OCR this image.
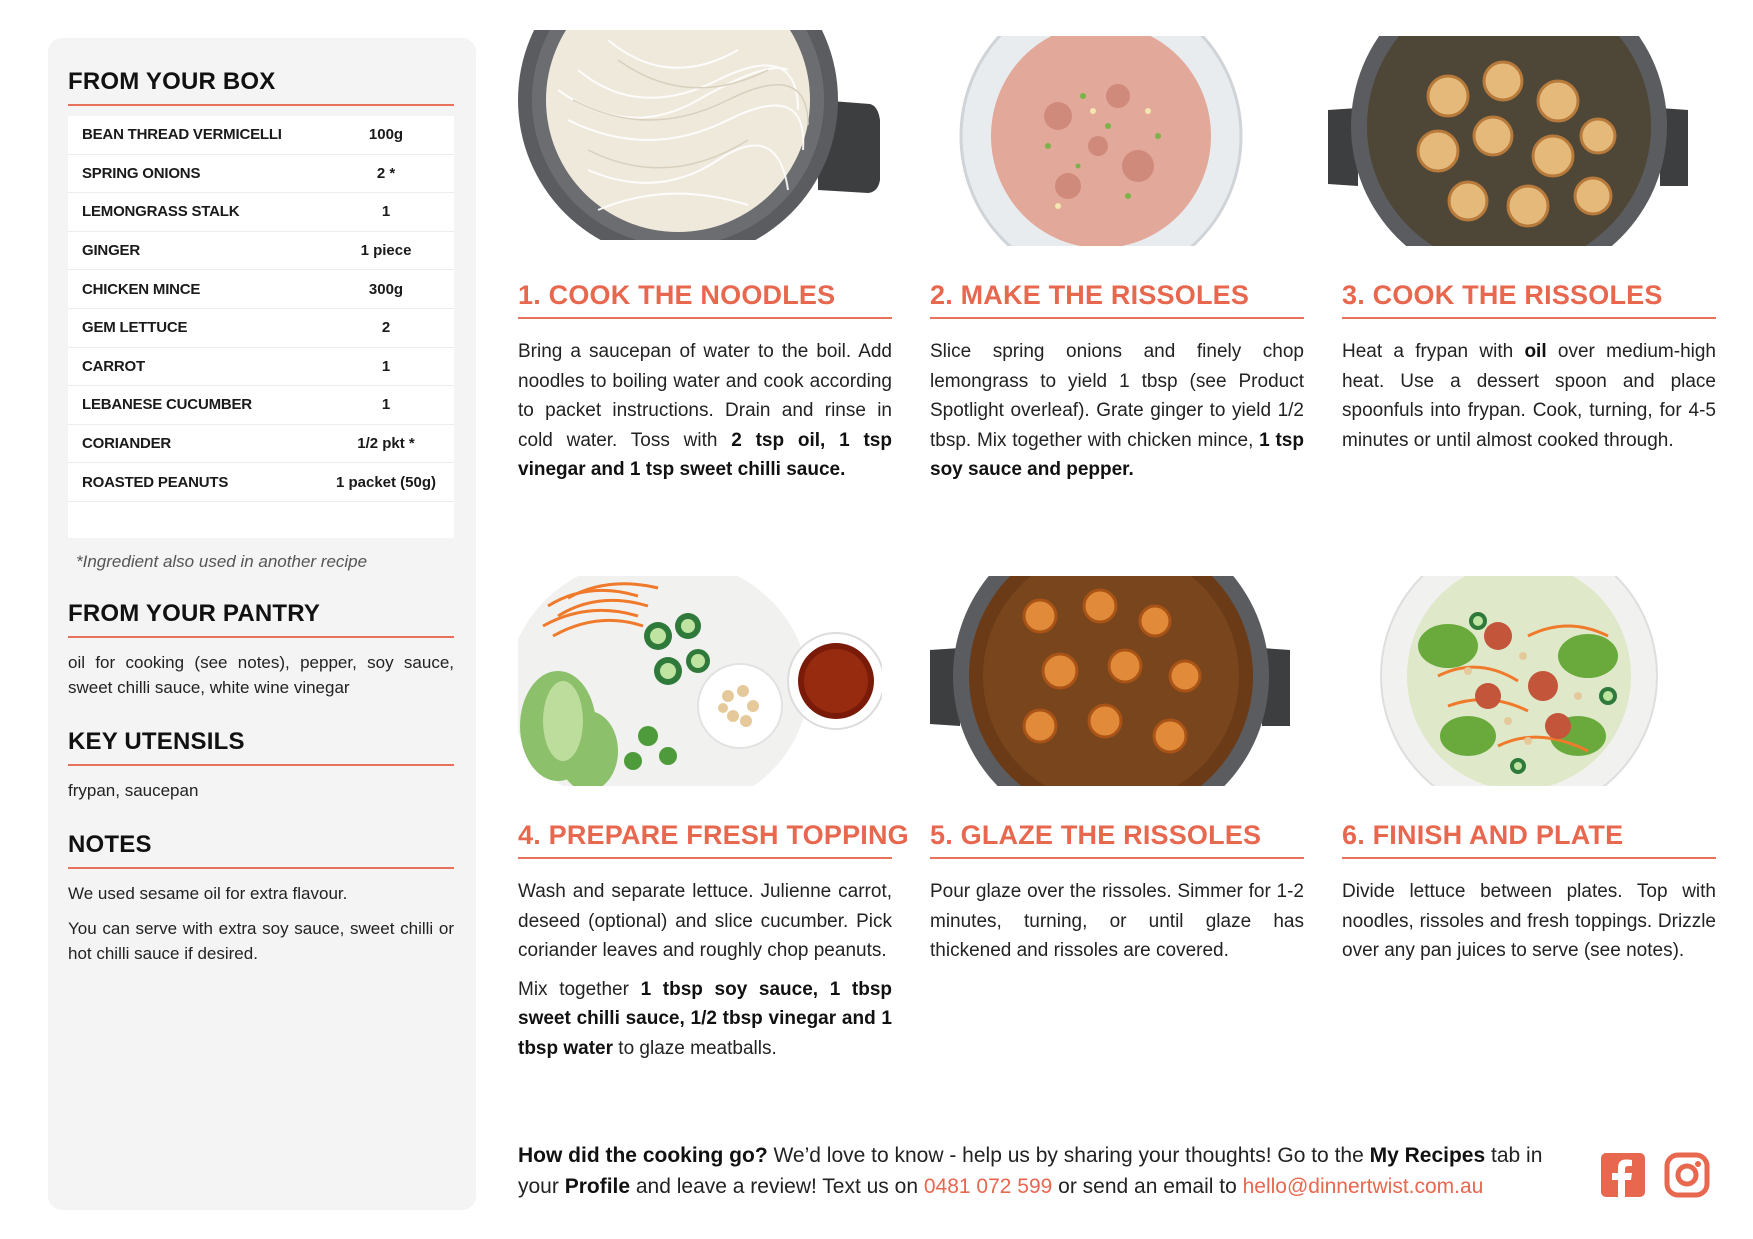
FROM YOUR BOX
BEAN THREAD VERMICELLI	100g
SPRING ONIONS	2 *
LEMONGRASS STALK	1
GINGER	1 piece
CHICKEN MINCE	300g
GEM LETTUCE	2
CARROT	1
LEBANESE CUCUMBER	1
CORIANDER	1/2 pkt *
ROASTED PEANUTS	1 packet (50g)

*Ingredient also used in another recipe

FROM YOUR PANTRY

oil for cooking (see notes), pepper, soy sauce, sweet chilli sauce, white wine vinegar

KEY UTENSILS

frypan, saucepan

NOTES

We used sesame oil for extra flavour.

You can serve with extra soy sauce, sweet chilli or hot chilli sauce if desired.

1. COOK THE NOODLES

Bring a saucepan of water to the boil. Add noodles to boiling water and cook according to packet instructions. Drain and rinse in cold water. Toss with 2 tsp oil, 1 tsp vinegar and 1 tsp sweet chilli sauce.

2. MAKE THE RISSOLES

Slice spring onions and finely chop lemongrass to yield 1 tbsp (see Product Spotlight overleaf). Grate ginger to yield 1/2 tbsp. Mix together with chicken mince, 1 tsp soy sauce and pepper.

3. COOK THE RISSOLES

Heat a frypan with oil over medium-high heat. Use a dessert spoon and place spoonfuls into frypan. Cook, turning, for 4-5 minutes or until almost cooked through.

4. PREPARE FRESH TOPPING

Wash and separate lettuce. Julienne carrot, deseed (optional) and slice cucumber. Pick coriander leaves and roughly chop peanuts.

Mix together 1 tbsp soy sauce, 1 tbsp sweet chilli sauce, 1/2 tbsp vinegar and 1 tbsp water to glaze meatballs.

5. GLAZE THE RISSOLES

Pour glaze over the rissoles. Simmer for 1-2 minutes, turning, or until glaze has thickened and rissoles are covered.

6. FINISH AND PLATE

Divide lettuce between plates. Top with noodles, rissoles and fresh toppings. Drizzle over any pan juices to serve (see notes).

How did the cooking go? We’d love to know - help us by sharing your thoughts! Go to the My Recipes tab in your Profile and leave a review! Text us on 0481 072 599 or send an email to hello@dinnertwist.com.au
